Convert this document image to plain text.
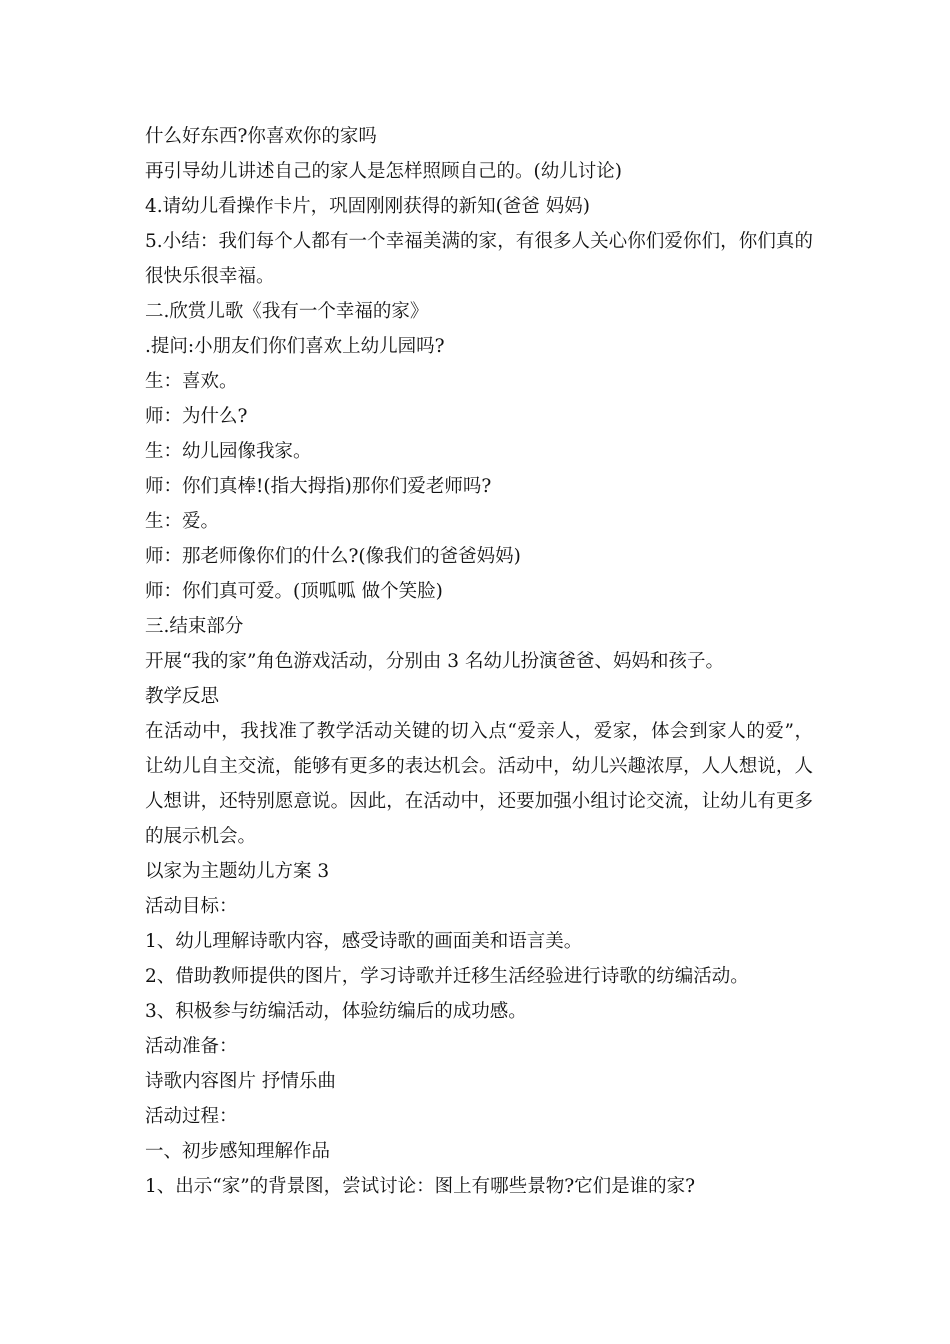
什么好东西?你喜欢你的家吗
再引导幼儿讲述自己的家人是怎样照顾自己的。(幼儿讨论)
4.请幼儿看操作卡片，巩固刚刚获得的新知(爸爸 妈妈)
5.小结：我们每个人都有一个幸福美满的家，有很多人关心你们爱你们，你们真的
很快乐很幸福。
二.欣赏儿歌《我有一个幸福的家》
.提问:小朋友们你们喜欢上幼儿园吗?
生：喜欢。
师：为什么?
生：幼儿园像我家。
师：你们真棒!(指大拇指)那你们爱老师吗?
生：爱。
师：那老师像你们的什么?(像我们的爸爸妈妈)
师：你们真可爱。(顶呱呱 做个笑脸)
三.结束部分
开展“我的家”角色游戏活动，分别由 3 名幼儿扮演爸爸、妈妈和孩子。
教学反思
在活动中，我找准了教学活动关键的切入点“爱亲人，爱家，体会到家人的爱”，
让幼儿自主交流，能够有更多的表达机会。活动中，幼儿兴趣浓厚，人人想说，人
人想讲，还特别愿意说。因此，在活动中，还要加强小组讨论交流，让幼儿有更多
的展示机会。
以家为主题幼儿方案 3
活动目标：
1、幼儿理解诗歌内容，感受诗歌的画面美和语言美。
2、借助教师提供的图片，学习诗歌并迁移生活经验进行诗歌的纺编活动。
3、积极参与纺编活动，体验纺编后的成功感。
活动准备：
诗歌内容图片 抒情乐曲
活动过程：
一、初步感知理解作品
1、出示“家”的背景图，尝试讨论：图上有哪些景物?它们是谁的家?
